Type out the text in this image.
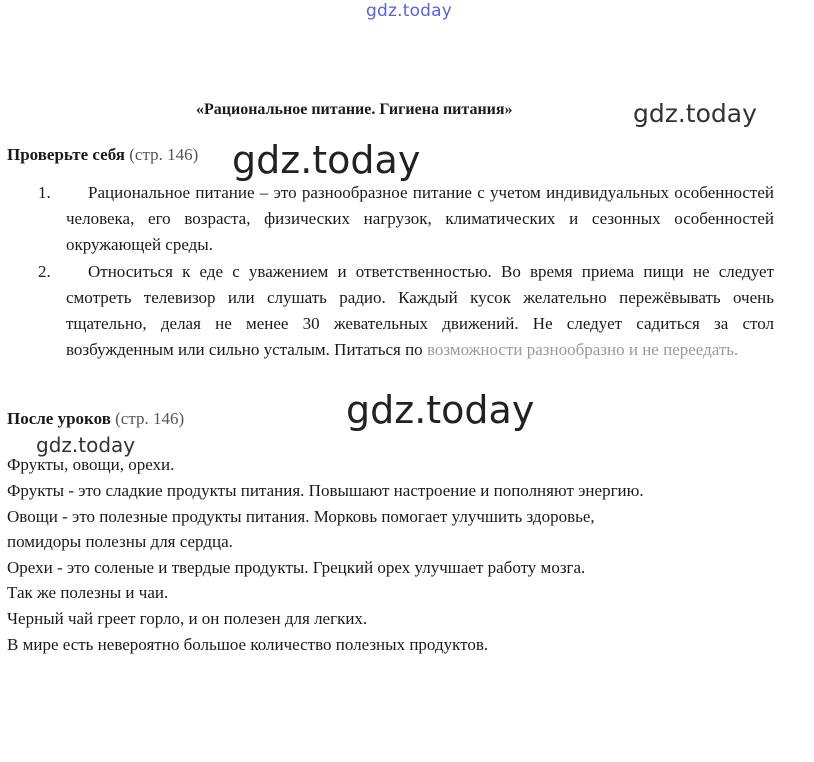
gdz.today
gdz.today
«Рациональное питание. Гигиена питания»
Проверьте себя (стр. 146) gdz.today
1.	Рациональное питание – это разнообразное питание с учетом индивидуальных особенностей человека, его возраста, физических нагрузок, климатических и сезонных особенностей окружающей среды.
2.	Относиться к еде с уважением и ответственностью. Во время приема пищи не следует смотреть телевизор или слушать радио. Каждый кусок желательно пережёвывать очень тщательно, делая не менее 30 жевательных движений. Не следует садиться за стол возбужденным или сильно усталым. Питаться по возможности разнообразно и не переедать.
gdz.today
После уроков (стр. 146)
gdz.today
Фрукты, овощи, орехи.
Фрукты - это сладкие продукты питания. Повышают настроение и пополняют энергию.
Овощи - это полезные продукты питания. Морковь помогает улучшить здоровье,
помидоры полезны для сердца.
Орехи - это соленые и твердые продукты. Грецкий орех улучшает работу мозга.
Так же полезны и чаи.
Черный чай греет горло, и он полезен для легких.
В мире есть невероятно большое количество полезных продуктов.
